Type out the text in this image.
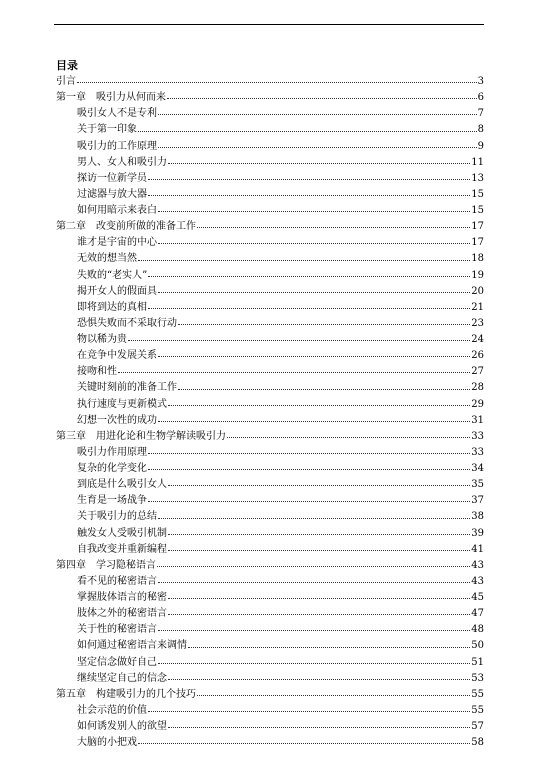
目录
引言	3
第一章　吸引力从何而来	6
吸引女人不是专利	7
关于第一印象	8
吸引力的工作原理	9
男人、女人和吸引力	11
探访一位新学员	13
过滤器与放大器	15
如何用暗示来表白	15
第二章　改变前所做的准备工作	17
谁才是宇宙的中心	17
无效的想当然	18
失败的“老实人”	19
揭开女人的假面具	20
即将到达的真相	21
恐惧失败而不采取行动	23
物以稀为贵	24
在竞争中发展关系	26
接吻和性	27
关键时刻前的准备工作	28
执行速度与更新模式	29
幻想一次性的成功	31
第三章　用进化论和生物学解读吸引力	33
吸引力作用原理	33
复杂的化学变化	34
到底是什么吸引女人	35
生育是一场战争	37
关于吸引力的总结	38
触发女人受吸引机制	39
自我改变并重新编程	41
第四章　学习隐秘语言	43
看不见的秘密语言	43
掌握肢体语言的秘密	45
肢体之外的秘密语言	47
关于性的秘密语言	48
如何通过秘密语言来调情	50
坚定信念做好自己	51
继续坚定自己的信念	53
第五章　构建吸引力的几个技巧	55
社会示范的价值	55
如何诱发别人的欲望	57
大脑的小把戏	58
